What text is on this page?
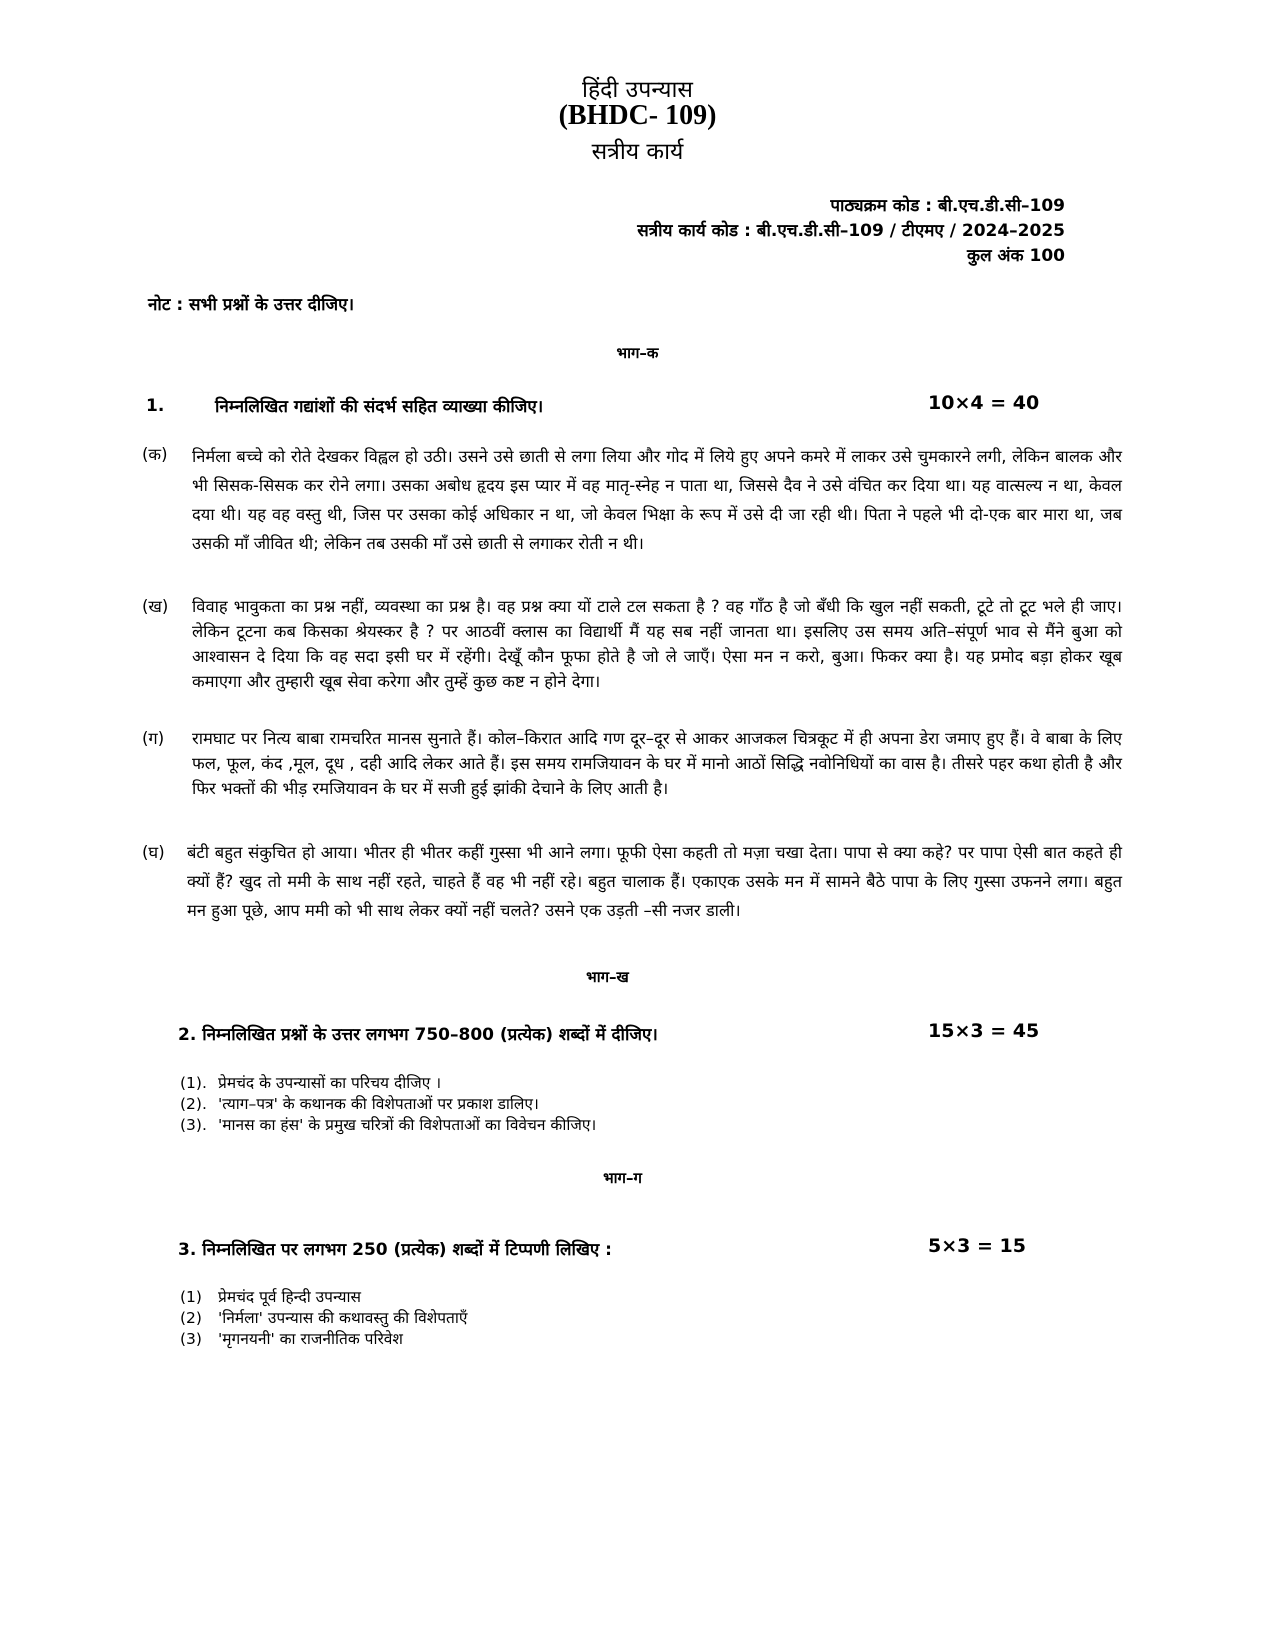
हिंदी उपन्यास
(BHDC- 109)
सत्रीय कार्य
पाठ्यक्रम कोड : बी.एच.डी.सी–109
सत्रीय कार्य कोड : बी.एच.डी.सी–109 / टीएमए / 2024–2025
कुल अंक 100
नोट : सभी प्रश्नों के उत्तर दीजिए।
भाग–क
1.	निम्नलिखित गद्यांशों की संदर्भ सहित व्याख्या कीजिए।	10×4 = 40
(क) निर्मला बच्चे को रोते देखकर विह्वल हो उठी। उसने उसे छाती से लगा लिया और गोद में लिये हुए अपने कमरे में लाकर उसे चुमकारने लगी, लेकिन बालक और भी सिसक-सिसक कर रोने लगा। उसका अबोध हृदय इस प्यार में वह मातृ-स्नेह न पाता था, जिससे दैव ने उसे वंचित कर दिया था। यह वात्सल्य न था, केवल दया थी। यह वह वस्तु थी, जिस पर उसका कोई अधिकार न था, जो केवल भिक्षा के रूप में उसे दी जा रही थी। पिता ने पहले भी दो-एक बार मारा था, जब उसकी माँ जीवित थी; लेकिन तब उसकी माँ उसे छाती से लगाकर रोती न थी।
(ख) विवाह भावुकता का प्रश्न नहीं, व्यवस्था का प्रश्न है। वह प्रश्न क्या यों टाले टल सकता है ? वह गाँठ है जो बँधी कि खुल नहीं सकती, टूटे तो टूट भले ही जाए। लेकिन टूटना कब किसका श्रेयस्कर है ? पर आठवीं क्लास का विद्यार्थी मैं यह सब नहीं जानता था। इसलिए उस समय अति–संपूर्ण भाव से मैंने बुआ को आश्वासन दे दिया कि वह सदा इसी घर में रहेंगी। देखूँ कौन फूफा होते है जो ले जाएँ। ऐसा मन न करो, बुआ। फिकर क्या है। यह प्रमोद बड़ा होकर खूब कमाएगा और तुम्हारी खूब सेवा करेगा और तुम्हें कुछ कष्ट न होने देगा।
(ग) रामघाट पर नित्य बाबा रामचरित मानस सुनाते हैं। कोल–किरात आदि गण दूर–दूर से आकर आजकल चित्रकूट में ही अपना डेरा जमाए हुए हैं। वे बाबा के लिए फल, फूल, कंद ,मूल, दूध , दही आदि लेकर आते हैं। इस समय रामजियावन के घर में मानो आठों सिद्धि नवोनिधियों का वास है। तीसरे पहर कथा होती है और फिर भक्तों की भीड़ रमजियावन के घर में सजी हुई झांकी देचाने के लिए आती है।
(घ) बंटी बहुत संकुचित हो आया। भीतर ही भीतर कहीं गुस्सा भी आने लगा। फूफी ऐसा कहती तो मज़ा चखा देता। पापा से क्या कहे? पर पापा ऐसी बात कहते ही क्यों हैं? खुद तो ममी के साथ नहीं रहते, चाहते हैं वह भी नहीं रहे। बहुत चालाक हैं। एकाएक उसके मन में सामने बैठे पापा के लिए गुस्सा उफनने लगा। बहुत मन हुआ पूछे, आप ममी को भी साथ लेकर क्यों नहीं चलते? उसने एक उड़ती –सी नजर डाली।
भाग–ख
2. निम्नलिखित प्रश्नों के उत्तर लगभग 750–800 (प्रत्येक) शब्दों में दीजिए।	15×3 = 45
(1). प्रेमचंद के उपन्यासों का परिचय दीजिए ।
(2). 'त्याग–पत्र' के कथानक की विशेपताओं पर प्रकाश डालिए।
(3). 'मानस का हंस' के प्रमुख चरित्रों की विशेपताओं का विवेचन कीजिए।
भाग–ग
3. निम्नलिखित पर लगभग 250 (प्रत्येक) शब्दों में टिप्पणी लिखिए :	5×3 = 15
(1) प्रेमचंद पूर्व हिन्दी उपन्यास
(2) 'निर्मला' उपन्यास की कथावस्तु की विशेपताएँ
(3) 'मृगनयनी' का राजनीतिक परिवेश
